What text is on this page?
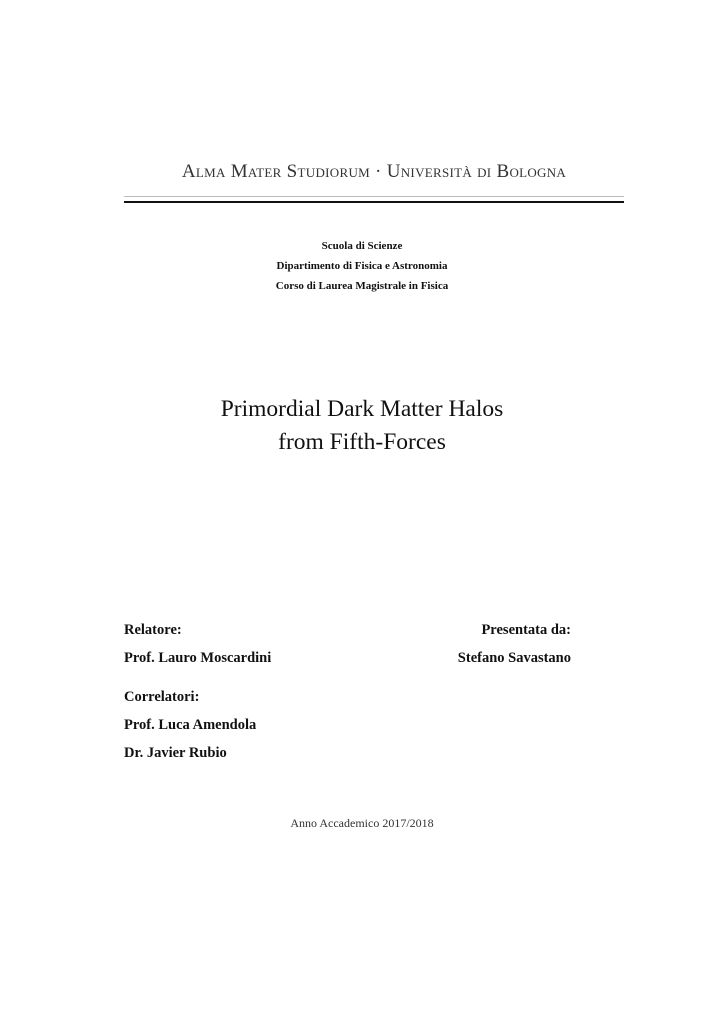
Alma Mater Studiorum · Università di Bologna
Scuola di Scienze
Dipartimento di Fisica e Astronomia
Corso di Laurea Magistrale in Fisica
Primordial Dark Matter Halos
from Fifth-Forces
Relatore:
Prof. Lauro Moscardini
Presentata da:
Stefano Savastano
Correlatori:
Prof. Luca Amendola
Dr. Javier Rubio
Anno Accademico 2017/2018
